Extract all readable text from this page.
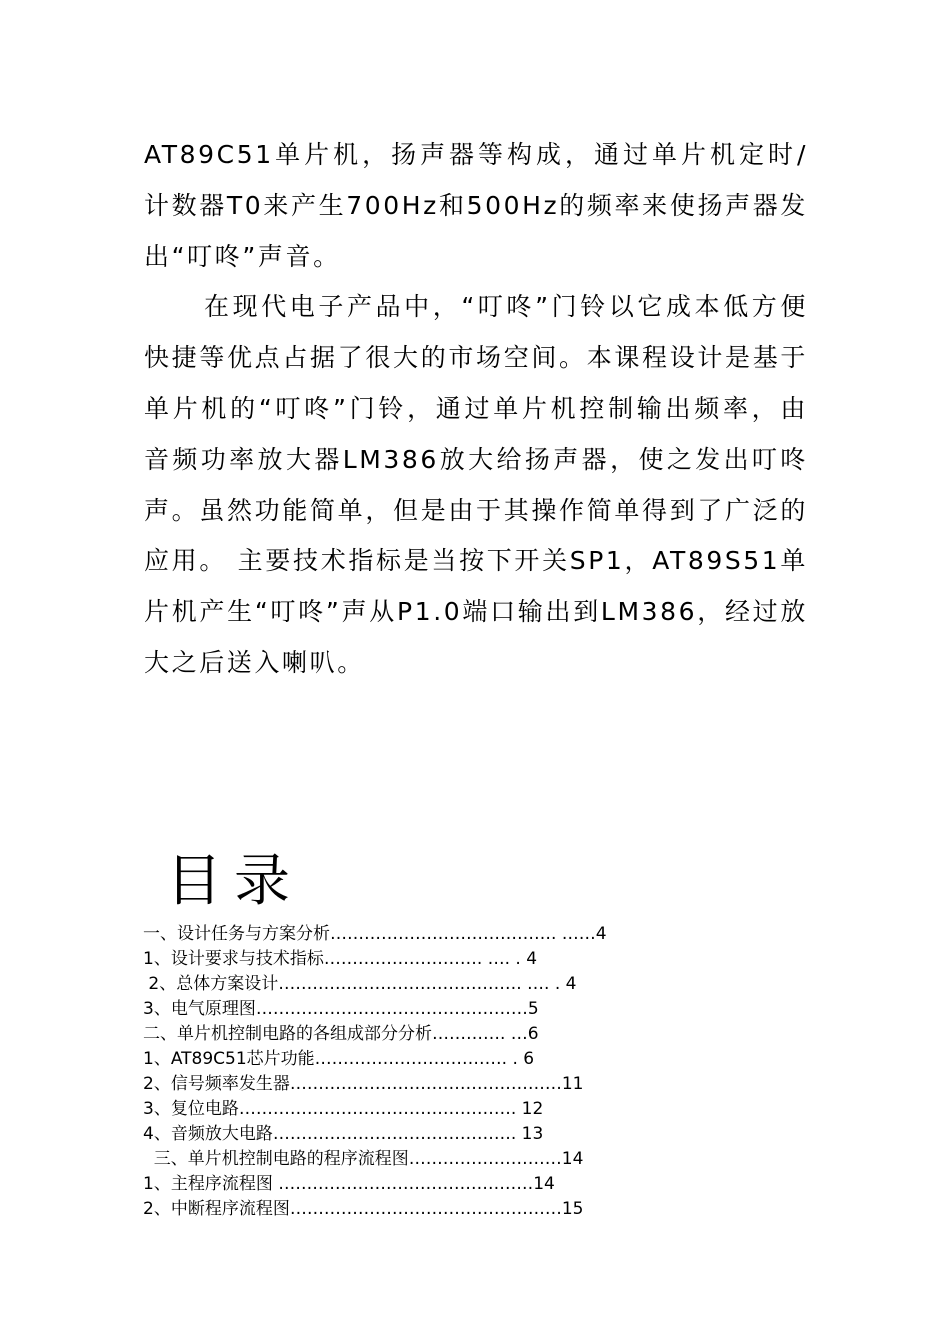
AT89C51单片机，扬声器等构成，通过单片机定时/计数器T0来产生700Hz和500Hz的频率来使扬声器发出“叮咚”声音。

在现代电子产品中，“叮咚”门铃以它成本低方便快捷等优点占据了很大的市场空间。本课程设计是基于单片机的“叮咚”门铃，通过单片机控制输出频率，由音频功率放大器LM386放大给扬声器，使之发出叮咚声。虽然功能简单，但是由于其操作简单得到了广泛的应用。 主要技术指标是当按下开关SP1，AT89S51单片机产生“叮咚”声从P1.0端口输出到LM386，经过放大之后送入喇叭。

目录
一、设计任务与方案分析…………………………………. ……4
1、设计要求与技术指标………………………. …. . 4
2、总体方案设计……………………………………. …. . 4
3、电气原理图…………………………………………5
二、单片机控制电路的各组成部分分析…………. …6
1、AT89C51芯片功能……………………………. . 6
2、信号频率发生器…………………………………………11
3、复位电路…………………………………………. 12
4、音频放大电路……………………………………. 13
三、单片机控制电路的程序流程图………………………14
1、主程序流程图 ………………………………………14
2、中断程序流程图…………………………………………15
